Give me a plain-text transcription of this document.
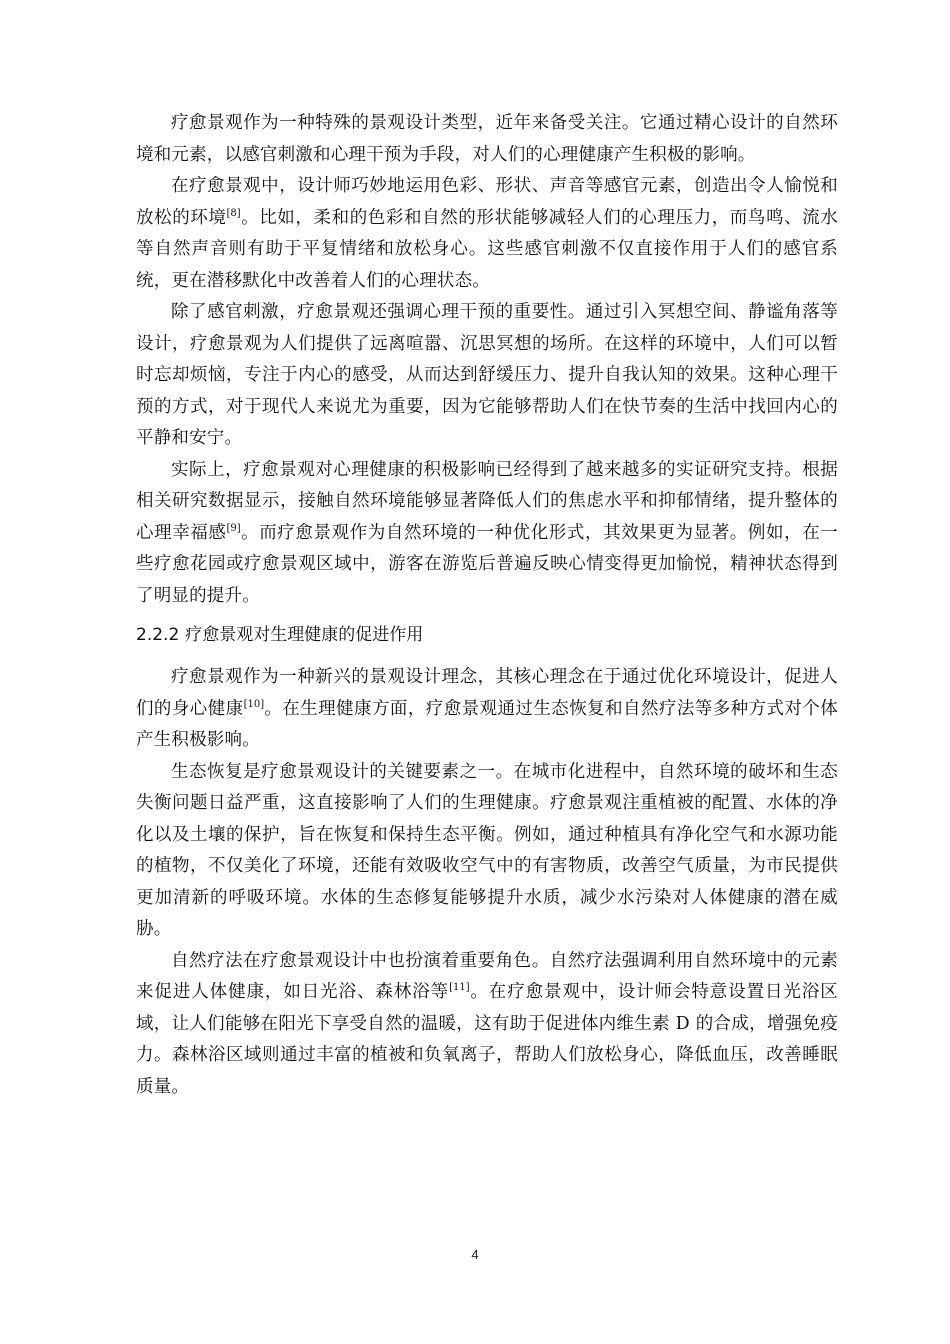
疗愈景观作为一种特殊的景观设计类型，近年来备受关注。它通过精心设计的自然环境和元素，以感官刺激和心理干预为手段，对人们的心理健康产生积极的影响。

在疗愈景观中，设计师巧妙地运用色彩、形状、声音等感官元素，创造出令人愉悦和放松的环境[8]。比如，柔和的色彩和自然的形状能够减轻人们的心理压力，而鸟鸣、流水等自然声音则有助于平复情绪和放松身心。这些感官刺激不仅直接作用于人们的感官系统，更在潜移默化中改善着人们的心理状态。

除了感官刺激，疗愈景观还强调心理干预的重要性。通过引入冥想空间、静谧角落等设计，疗愈景观为人们提供了远离喧嚣、沉思冥想的场所。在这样的环境中，人们可以暂时忘却烦恼，专注于内心的感受，从而达到舒缓压力、提升自我认知的效果。这种心理干预的方式，对于现代人来说尤为重要，因为它能够帮助人们在快节奏的生活中找回内心的平静和安宁。

实际上，疗愈景观对心理健康的积极影响已经得到了越来越多的实证研究支持。根据相关研究数据显示，接触自然环境能够显著降低人们的焦虑水平和抑郁情绪，提升整体的心理幸福感[9]。而疗愈景观作为自然环境的一种优化形式，其效果更为显著。例如，在一些疗愈花园或疗愈景观区域中，游客在游览后普遍反映心情变得更加愉悦，精神状态得到了明显的提升。

2.2.2 疗愈景观对生理健康的促进作用

疗愈景观作为一种新兴的景观设计理念，其核心理念在于通过优化环境设计，促进人们的身心健康[10]。在生理健康方面，疗愈景观通过生态恢复和自然疗法等多种方式对个体产生积极影响。

生态恢复是疗愈景观设计的关键要素之一。在城市化进程中，自然环境的破坏和生态失衡问题日益严重，这直接影响了人们的生理健康。疗愈景观注重植被的配置、水体的净化以及土壤的保护，旨在恢复和保持生态平衡。例如，通过种植具有净化空气和水源功能的植物，不仅美化了环境，还能有效吸收空气中的有害物质，改善空气质量，为市民提供更加清新的呼吸环境。水体的生态修复能够提升水质，减少水污染对人体健康的潜在威胁。

自然疗法在疗愈景观设计中也扮演着重要角色。自然疗法强调利用自然环境中的元素来促进人体健康，如日光浴、森林浴等[11]。在疗愈景观中，设计师会特意设置日光浴区域，让人们能够在阳光下享受自然的温暖，这有助于促进体内维生素 D 的合成，增强免疫力。森林浴区域则通过丰富的植被和负氧离子，帮助人们放松身心，降低血压，改善睡眠质量。

4
